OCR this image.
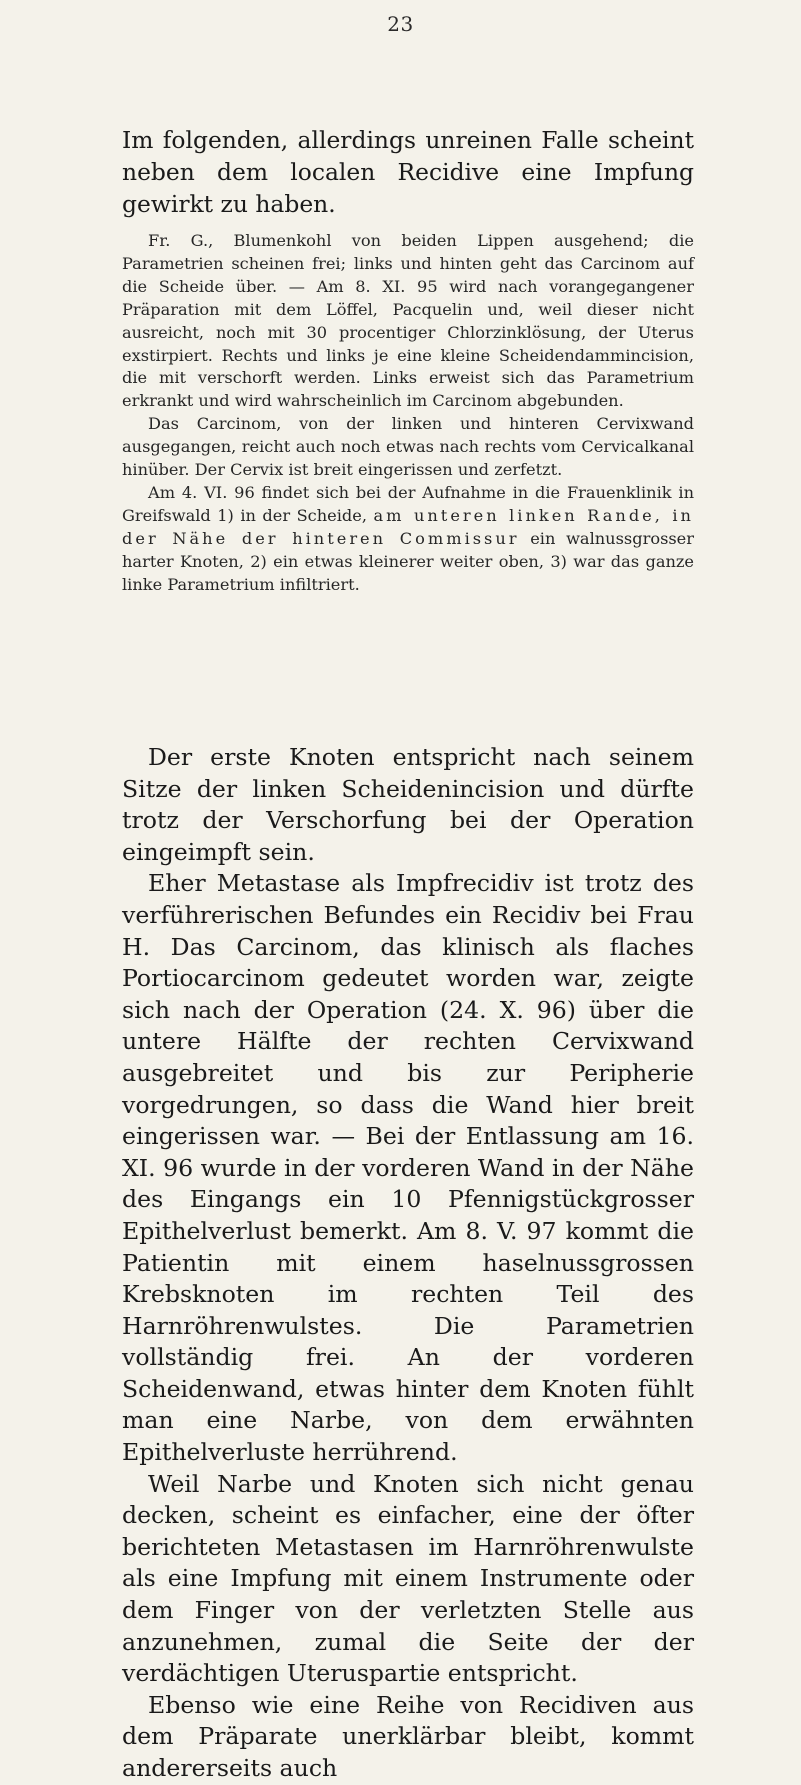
23

Im folgenden, allerdings unreinen Falle scheint neben dem localen Recidive eine Impfung gewirkt zu haben.

Fr. G., Blumenkohl von beiden Lippen ausgehend; die Parametrien scheinen frei; links und hinten geht das Carcinom auf die Scheide über. — Am 8. XI. 95 wird nach vorangegangener Präparation mit dem Löffel, Pacquelin und, weil dieser nicht ausreicht, noch mit 30 procentiger Chlorzinklösung, der Uterus exstirpiert. Rechts und links je eine kleine Scheidendammincision, die mit verschorft werden. Links erweist sich das Parametrium erkrankt und wird wahrscheinlich im Carcinom abgebunden.

Das Carcinom, von der linken und hinteren Cervixwand ausgegangen, reicht auch noch etwas nach rechts vom Cervicalkanal hinüber. Der Cervix ist breit eingerissen und zerfetzt.

Am 4. VI. 96 findet sich bei der Aufnahme in die Frauenklinik in Greifswald 1) in der Scheide, am unteren linken Rande, in der Nähe der hinteren Commissur ein walnussgrosser harter Knoten, 2) ein etwas kleinerer weiter oben, 3) war das ganze linke Parametrium infiltriert.

Der erste Knoten entspricht nach seinem Sitze der linken Scheidenincision und dürfte trotz der Verschorfung bei der Operation eingeimpft sein.

Eher Metastase als Impfrecidiv ist trotz des verführerischen Befundes ein Recidiv bei Frau H. Das Carcinom, das klinisch als flaches Portiocarcinom gedeutet worden war, zeigte sich nach der Operation (24. X. 96) über die untere Hälfte der rechten Cervixwand ausgebreitet und bis zur Peripherie vorgedrungen, so dass die Wand hier breit eingerissen war. — Bei der Entlassung am 16. XI. 96 wurde in der vorderen Wand in der Nähe des Eingangs ein 10 Pfennigstückgrosser Epithelverlust bemerkt. Am 8. V. 97 kommt die Patientin mit einem haselnussgrossen Krebsknoten im rechten Teil des Harnröhrenwulstes. Die Parametrien vollständig frei. An der vorderen Scheidenwand, etwas hinter dem Knoten fühlt man eine Narbe, von dem erwähnten Epithelverluste herrührend.

Weil Narbe und Knoten sich nicht genau decken, scheint es einfacher, eine der öfter berichteten Metastasen im Harnröhrenwulste als eine Impfung mit einem Instrumente oder dem Finger von der verletzten Stelle aus anzunehmen, zumal die Seite der der verdächtigen Uteruspartie entspricht.

Ebenso wie eine Reihe von Recidiven aus dem Präparate unerklärbar bleibt, kommt andererseits auch
